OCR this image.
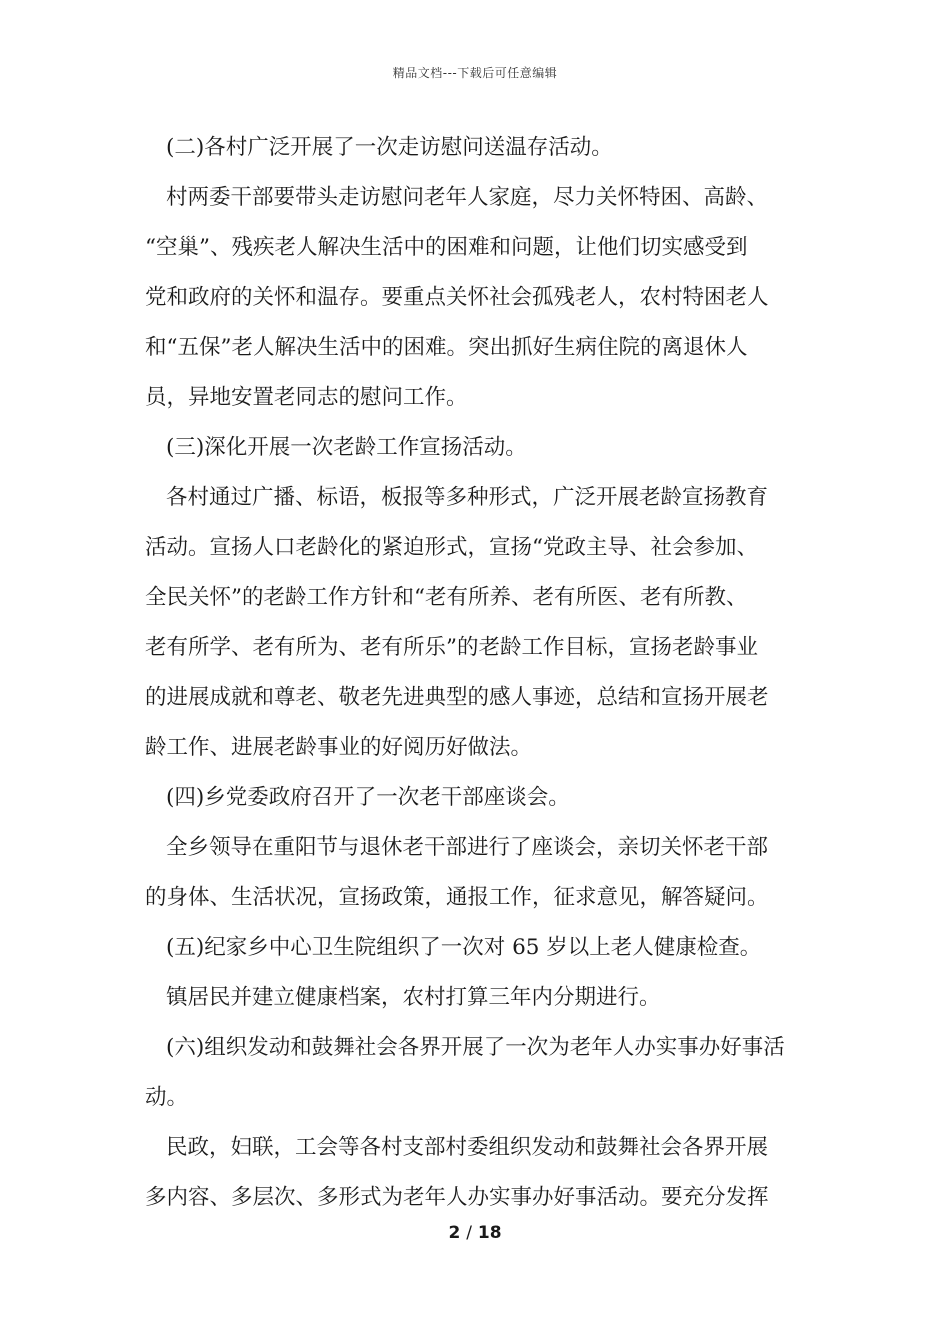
精品文档---下载后可任意编辑
(二)各村广泛开展了一次走访慰问送温存活动。
村两委干部要带头走访慰问老年人家庭，尽力关怀特困、高龄、
“空巢”、残疾老人解决生活中的困难和问题，让他们切实感受到
党和政府的关怀和温存。要重点关怀社会孤残老人，农村特困老人
和“五保”老人解决生活中的困难。突出抓好生病住院的离退休人
员，异地安置老同志的慰问工作。
(三)深化开展一次老龄工作宣扬活动。
各村通过广播、标语，板报等多种形式，广泛开展老龄宣扬教育
活动。宣扬人口老龄化的紧迫形式，宣扬“党政主导、社会参加、
全民关怀”的老龄工作方针和“老有所养、老有所医、老有所教、
老有所学、老有所为、老有所乐”的老龄工作目标，宣扬老龄事业
的进展成就和尊老、敬老先进典型的感人事迹，总结和宣扬开展老
龄工作、进展老龄事业的好阅历好做法。
(四)乡党委政府召开了一次老干部座谈会。
全乡领导在重阳节与退休老干部进行了座谈会，亲切关怀老干部
的身体、生活状况，宣扬政策，通报工作，征求意见，解答疑问。
(五)纪家乡中心卫生院组织了一次对 65 岁以上老人健康检查。
镇居民并建立健康档案，农村打算三年内分期进行。
(六)组织发动和鼓舞社会各界开展了一次为老年人办实事办好事活
动。
民政，妇联，工会等各村支部村委组织发动和鼓舞社会各界开展
多内容、多层次、多形式为老年人办实事办好事活动。要充分发挥
2 / 18
